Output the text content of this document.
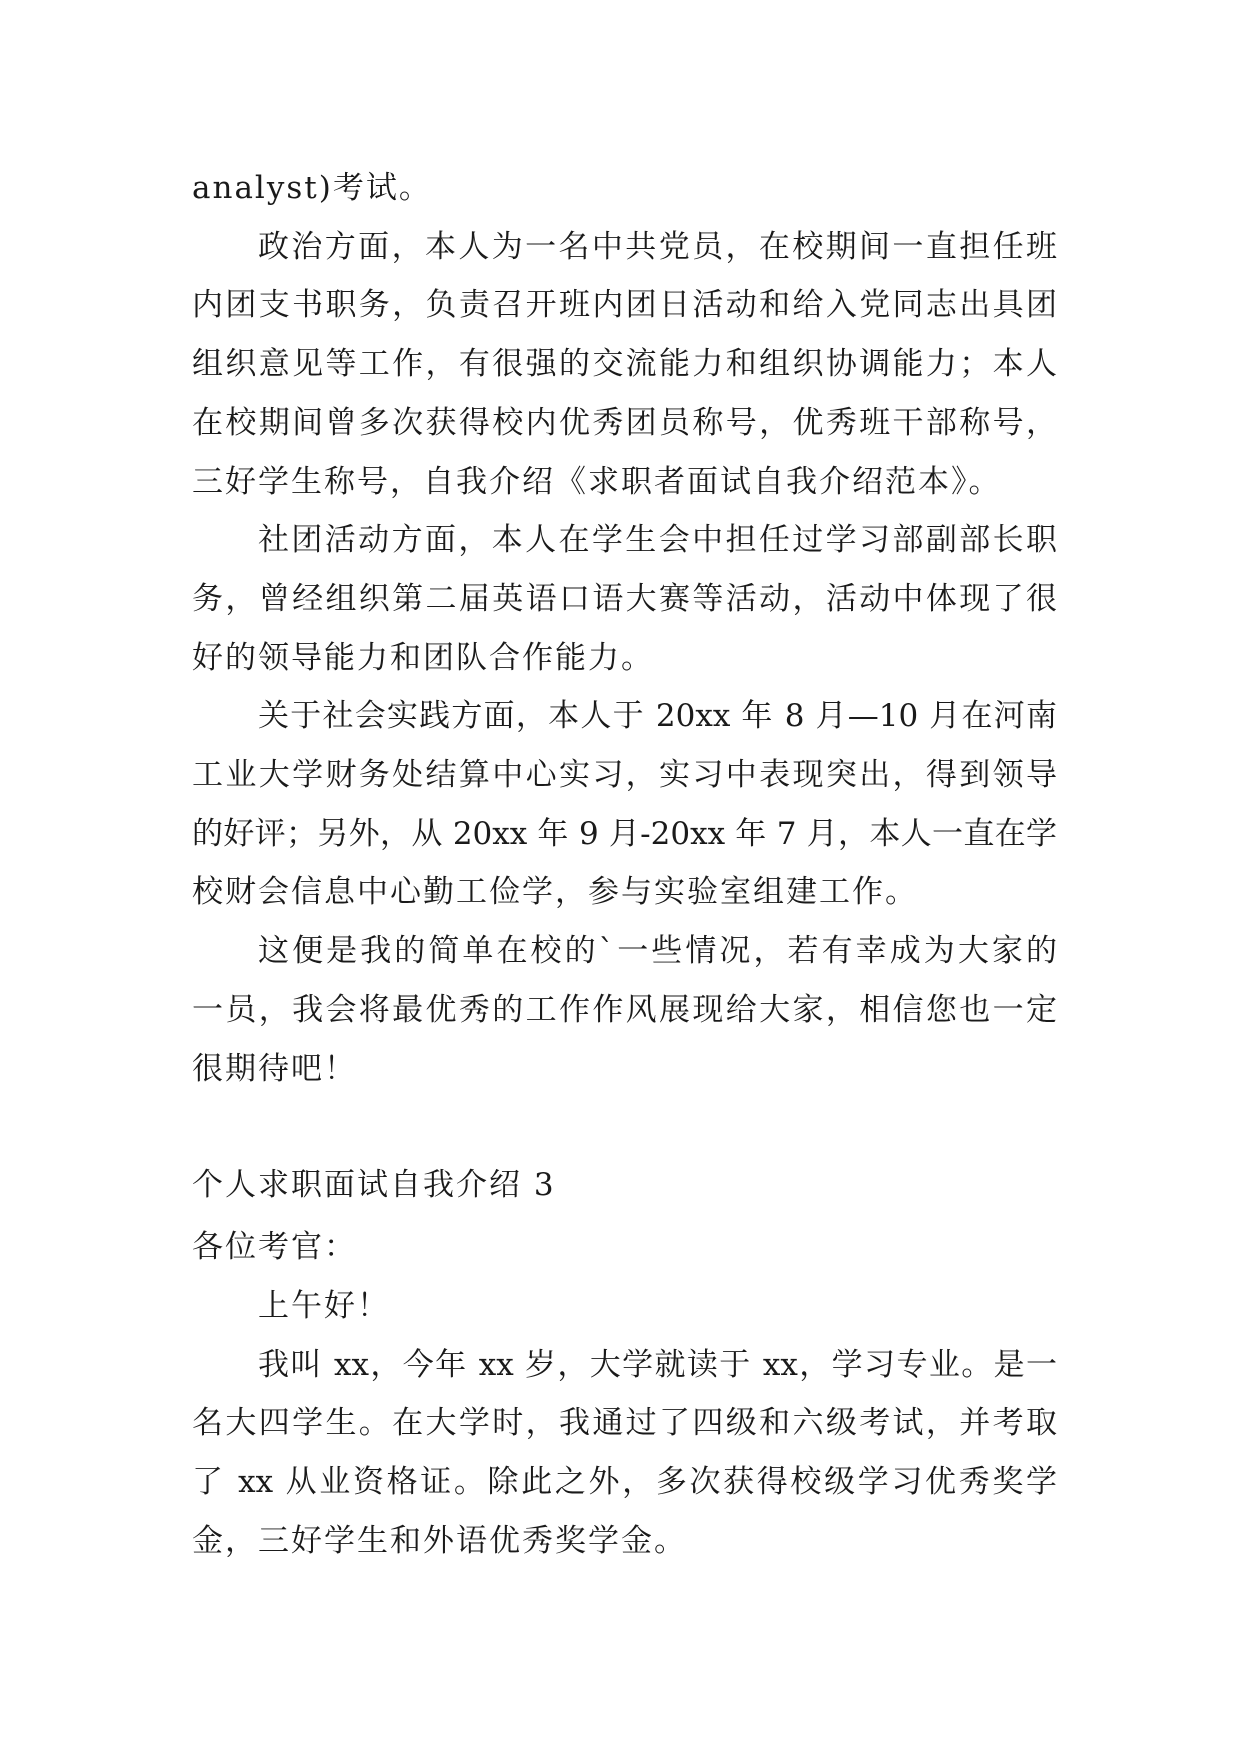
analyst)考试。
政治方面，本人为一名中共党员，在校期间一直担任班
内团支书职务，负责召开班内团日活动和给入党同志出具团
组织意见等工作，有很强的交流能力和组织协调能力；本人
在校期间曾多次获得校内优秀团员称号，优秀班干部称号，
三好学生称号，自我介绍《求职者面试自我介绍范本》。
社团活动方面，本人在学生会中担任过学习部副部长职
务，曾经组织第二届英语口语大赛等活动，活动中体现了很
好的领导能力和团队合作能力。
关于社会实践方面，本人于 20xx 年 8 月—10 月在河南
工业大学财务处结算中心实习，实习中表现突出，得到领导
的好评；另外，从 20xx 年 9 月-20xx 年 7 月，本人一直在学
校财会信息中心勤工俭学，参与实验室组建工作。
这便是我的简单在校的`一些情况，若有幸成为大家的
一员，我会将最优秀的工作作风展现给大家，相信您也一定
很期待吧！
个人求职面试自我介绍 3
各位考官：
上午好！
我叫 xx，今年 xx 岁，大学就读于 xx，学习专业。是一
名大四学生。在大学时，我通过了四级和六级考试，并考取
了 xx 从业资格证。除此之外，多次获得校级学习优秀奖学
金，三好学生和外语优秀奖学金。
